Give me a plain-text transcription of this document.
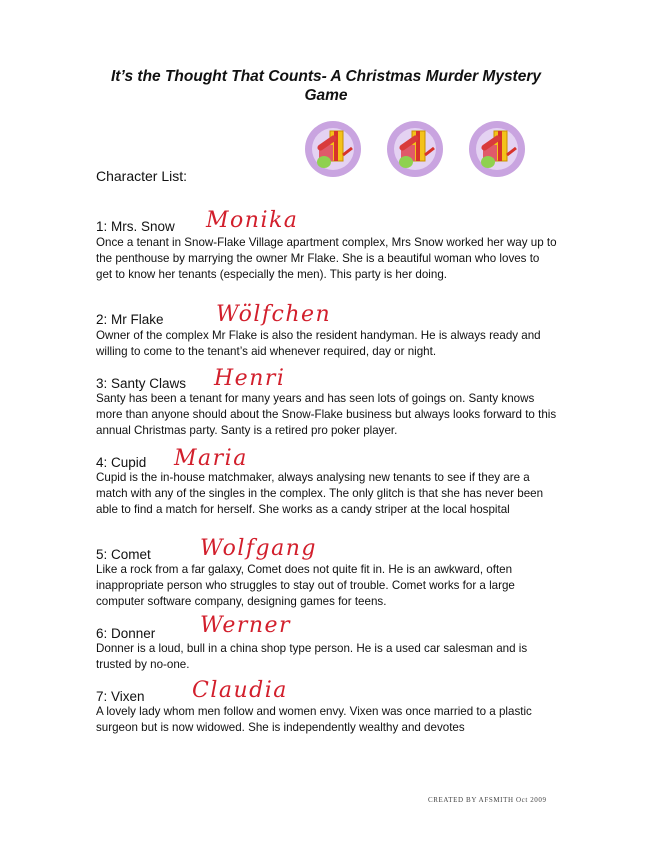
It’s the Thought That Counts- A Christmas Murder Mystery Game
Character List:
1: Mrs. Snow Monika
Once a tenant in Snow-Flake Village apartment complex, Mrs Snow worked her way up to the penthouse by marrying the owner Mr Flake. She is a beautiful woman who loves to get to know her tenants (especially the men). This party is her doing.
2: Mr Flake Wölfchen
Owner of the complex Mr Flake is also the resident handyman. He is always ready and willing to come to the tenant’s aid whenever required, day or night.
3: Santy Claws Henri
Santy has been a tenant for many years and has seen lots of goings on. Santy knows more than anyone should about the Snow-Flake business but always looks forward to this annual Christmas party. Santy is a retired pro poker player.
4: Cupid Maria
Cupid is the in-house matchmaker, always analysing new tenants to see if they are a match with any of the singles in the complex. The only glitch is that she has never been able to find a match for herself. She works as a candy striper at the local hospital
5: Comet Wolfgang
Like a rock from a far galaxy, Comet does not quite fit in. He is an awkward, often inappropriate person who struggles to stay out of trouble. Comet works for a large computer software company, designing games for teens.
6: Donner Werner
Donner is a loud, bull in a china shop type person. He is a used car salesman and is trusted by no-one.
7: Vixen Claudia
A lovely lady whom men follow and women envy. Vixen was once married to a plastic surgeon but is now widowed. She is independently wealthy and devotes
CREATED BY AFSMITH Oct 2009
